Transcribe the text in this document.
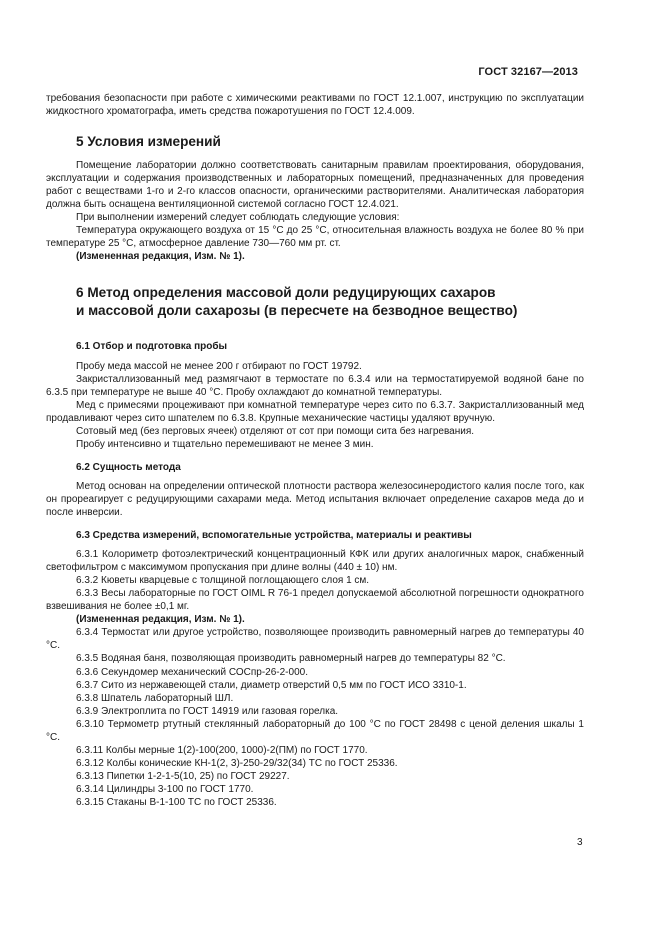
ГОСТ 32167—2013

требования безопасности при работе с химическими реактивами по ГОСТ 12.1.007, инструкцию по эксплуатации жидкостного хроматографа, иметь средства пожаротушения по ГОСТ 12.4.009.

5 Условия измерений

Помещение лаборатории должно соответствовать санитарным правилам проектирования, оборудования, эксплуатации и содержания производственных и лабораторных помещений, предназначенных для проведения работ с веществами 1-го и 2-го классов опасности, органическими растворителями. Аналитическая лаборатория должна быть оснащена вентиляционной системой согласно ГОСТ 12.4.021.

При выполнении измерений следует соблюдать следующие условия:

Температура окружающего воздуха от 15 °С до 25 °С, относительная влажность воздуха не более 80 % при температуре 25 °С, атмосферное давление 730—760 мм рт. ст.

(Измененная редакция, Изм. № 1).

6 Метод определения массовой доли редуцирующих сахаров
и массовой доли сахарозы (в пересчете на безводное вещество)
6.1 Отбор и подготовка пробы

Пробу меда массой не менее 200 г отбирают по ГОСТ 19792.

Закристаллизованный мед размягчают в термостате по 6.3.4 или на термостатируемой водяной бане по 6.3.5 при температуре не выше 40 °С. Пробу охлаждают до комнатной температуры.

Мед с примесями процеживают при комнатной температуре через сито по 6.3.7. Закристаллизованный мед продавливают через сито шпателем по 6.3.8. Крупные механические частицы удаляют вручную.

Сотовый мед (без перговых ячеек) отделяют от сот при помощи сита без нагревания.

Пробу интенсивно и тщательно перемешивают не менее 3 мин.

6.2 Сущность метода

Метод основан на определении оптической плотности раствора железосинеродистого калия после того, как он прореагирует с редуцирующими сахарами меда. Метод испытания включает определение сахаров меда до и после инверсии.

6.3 Средства измерений, вспомогательные устройства, материалы и реактивы

6.3.1 Колориметр фотоэлектрический концентрационный КФК или других аналогичных марок, снабженный светофильтром с максимумом пропускания при длине волны (440 ± 10) нм.

6.3.2 Кюветы кварцевые с толщиной поглощающего слоя 1 см.

6.3.3 Весы лабораторные по ГОСТ OIML R 76-1 предел допускаемой абсолютной погрешности однократного взвешивания не более ±0,1 мг.

(Измененная редакция, Изм. № 1).

6.3.4 Термостат или другое устройство, позволяющее производить равномерный нагрев до температуры 40 °С.

6.3.5 Водяная баня, позволяющая производить равномерный нагрев до температуры 82 °С.

6.3.6 Секундомер механический СОСпр-26-2-000.

6.3.7 Сито из нержавеющей стали, диаметр отверстий 0,5 мм по ГОСТ ИСО 3310-1.

6.3.8 Шпатель лабораторный ШЛ.

6.3.9 Электроплита по ГОСТ 14919 или газовая горелка.

6.3.10 Термометр ртутный стеклянный лабораторный до 100 °С по ГОСТ 28498 с ценой деления шкалы 1 °С.

6.3.11 Колбы мерные 1(2)-100(200, 1000)-2(ПМ) по ГОСТ 1770.

6.3.12 Колбы конические КН-1(2, 3)-250-29/32(34) ТС по ГОСТ 25336.

6.3.13 Пипетки 1-2-1-5(10, 25) по ГОСТ 29227.

6.3.14 Цилиндры 3-100 по ГОСТ 1770.

6.3.15 Стаканы В-1-100 ТС по ГОСТ 25336.

3
